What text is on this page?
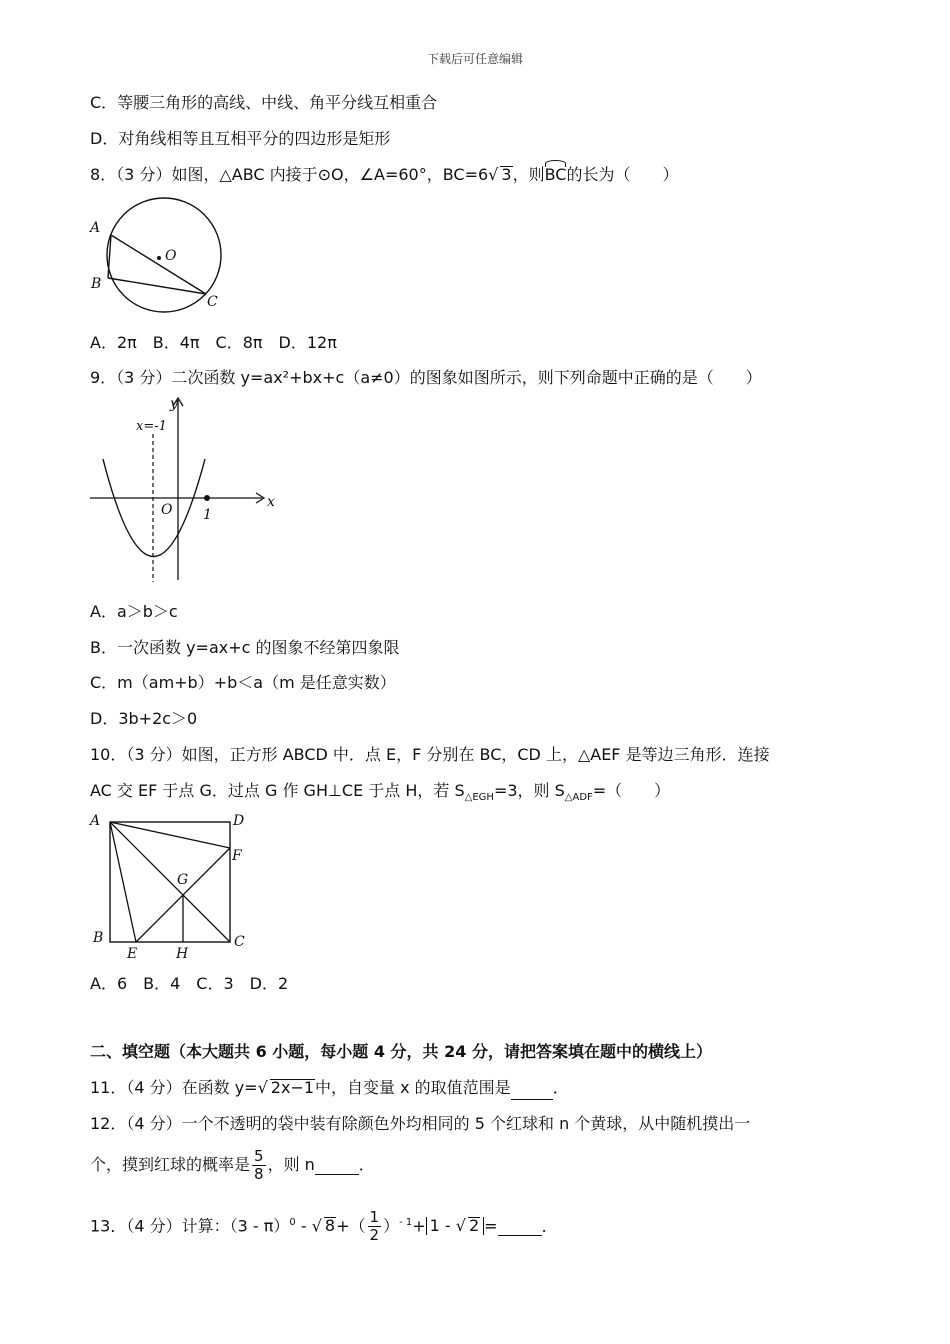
下载后可任意编辑
C．等腰三角形的高线、中线、角平分线互相重合
D．对角线相等且互相平分的四边形是矩形
8．（3 分）如图，△ABC 内接于⊙O，∠A=60°，BC=6√ 3，则BC的长为（　　）
A
B
C
O
A．2π　B．4π　C．8π　D．12π
9．（3 分）二次函数 y=ax²+bx+c（a≠0）的图象如图所示，则下列命题中正确的是（　　）
x=-1
y
x
O 1
A．a＞b＞c
B．一次函数 y=ax+c 的图象不经第四象限
C．m（am+b）+b＜a（m 是任意实数）
D．3b+2c＞0
10．（3 分）如图，正方形 ABCD 中．点 E，F 分别在 BC，CD 上，△AEF 是等边三角形．连接
AC 交 EF 于点 G．过点 G 作 GH⊥CE 于点 H，若 $S_{\triangle EGH}=3$，则 $S_{\triangle ADF}=$（　　）
A
B	C
D
E
F
G
H
A．6　B．4　C．3　D．2
二、填空题（本大题共 6 小题，每小题 4 分，共 24 分，请把答案填在题中的横线上）
11．（4 分）在函数 y=√ 2x−1中，自变量 x 的取值范围是	．
12．（4 分）一个不透明的袋中装有除颜色外均相同的 5 个红球和 n 个黄球，从中随机摸出一
个，摸到红球的概率是 $\frac{5}{8}$ ，则 n	．
13．（4 分）计算：（3 - π）$^0$ - √ $8+( \frac{1}{2} )^{- 1}+ 1$ - √ 2 =	．
